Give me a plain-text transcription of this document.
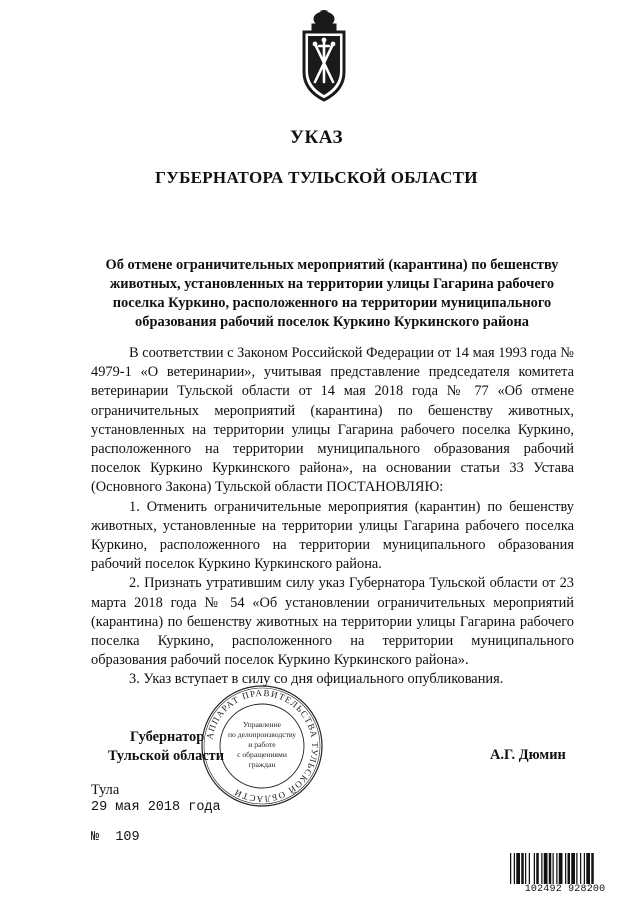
УКАЗ
ГУБЕРНАТОРА ТУЛЬСКОЙ ОБЛАСТИ
Об отмене ограничительных мероприятий (карантина) по бешенству
животных, установленных на территории улицы Гагарина рабочего
поселка Куркино, расположенного на территории муниципального
образования рабочий поселок Куркино Куркинского района

В соответствии с Законом Российской Федерации от 14 мая 1993 года № 4979-1 «О ветеринарии», учитывая представление председателя комитета ветеринарии Тульской области от 14 мая 2018 года № 77 «Об отмене ограничительных мероприятий (карантина) по бешенству животных, установленных на территории улицы Гагарина рабочего поселка Куркино, расположенного на территории муниципального образования рабочий поселок Куркино Куркинского района», на основании статьи 33 Устава (Основного Закона) Тульской области ПОСТАНОВЛЯЮ:

1. Отменить ограничительные мероприятия (карантин) по бешенству животных, установленные на территории улицы Гагарина рабочего поселка Куркино, расположенного на территории муниципального образования рабочий поселок Куркино Куркинского района.

2. Признать утратившим силу указ Губернатора Тульской области от 23 марта 2018 года № 54 «Об установлении ограничительных мероприятий (карантина) по бешенству животных на территории улицы Гагарина рабочего поселка Куркино, расположенного на территории муниципального образования рабочий поселок Куркино Куркинского района».

3. Указ вступает в силу со дня официального опубликования.

Губернатор
Тульской области	А.Г. Дюмин
АППАРАТ ПРАВИТЕЛЬСТВА ТУЛЬСКОЙ ОБЛАСТИ
Управление
по делопроизводству
и работе
с обращениями
граждан
Тула
29 мая 2018 года
№ 109
102492 928200
